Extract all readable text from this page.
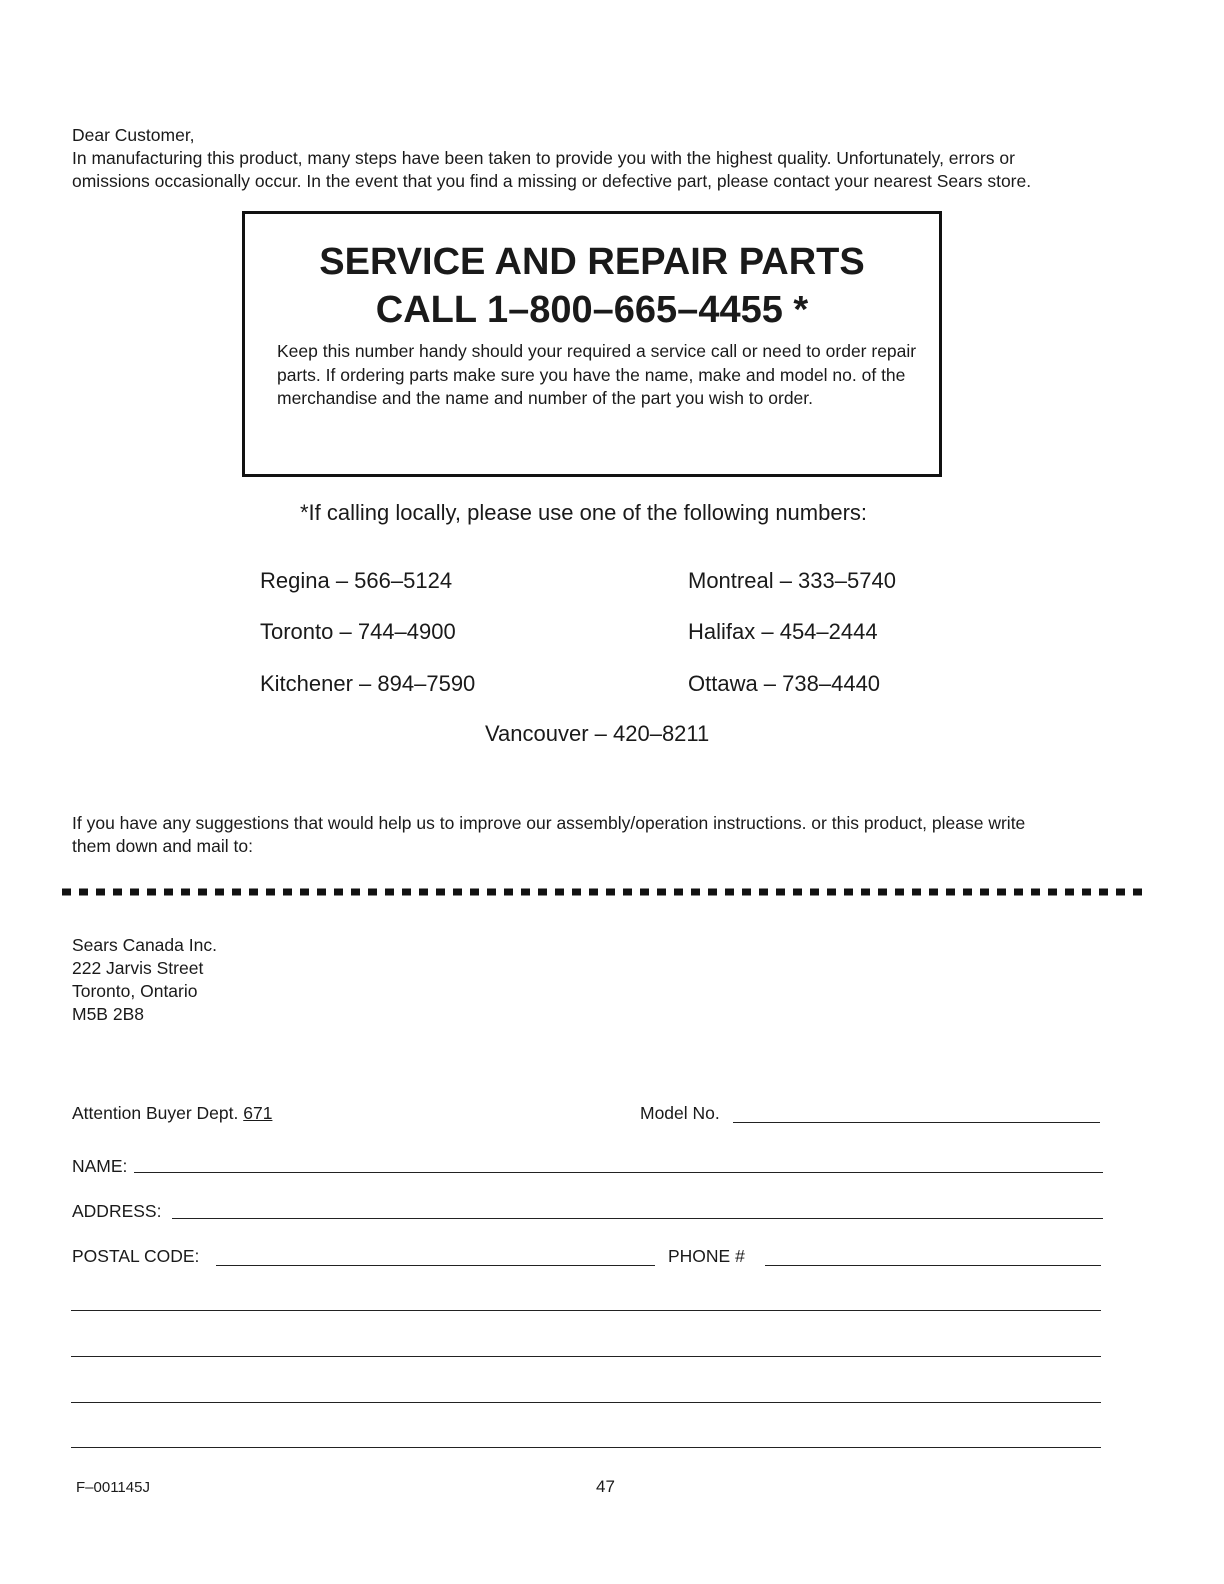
Dear Customer,

In manufacturing this product, many steps have been taken to provide you with the highest quality. Unfortunately, errors or

omissions occasionally occur. In the event that you find a missing or defective part, please contact your nearest Sears store.

SERVICE AND REPAIR PARTS
CALL 1–800–665–4455 *
Keep this number handy should your required a service call or need to order repair parts. If ordering parts make sure you have the name, make and model no. of the merchandise and the name and number of the part you wish to order.
*If calling locally, please use one of the following numbers:
Regina – 566–5124	Montreal – 333–5740
Toronto – 744–4900	Halifax – 454–2444
Kitchener – 894–7590	Ottawa – 738–4440
Vancouver – 420–8211
If you have any suggestions that would help us to improve our assembly/operation instructions. or this product, please write
them down and mail to:
Sears Canada Inc.
222 Jarvis Street
Toronto, Ontario
M5B 2B8
Attention Buyer Dept. 671	Model No.
NAME:
ADDRESS:
POSTAL CODE:	PHONE #
F–001145J	47
